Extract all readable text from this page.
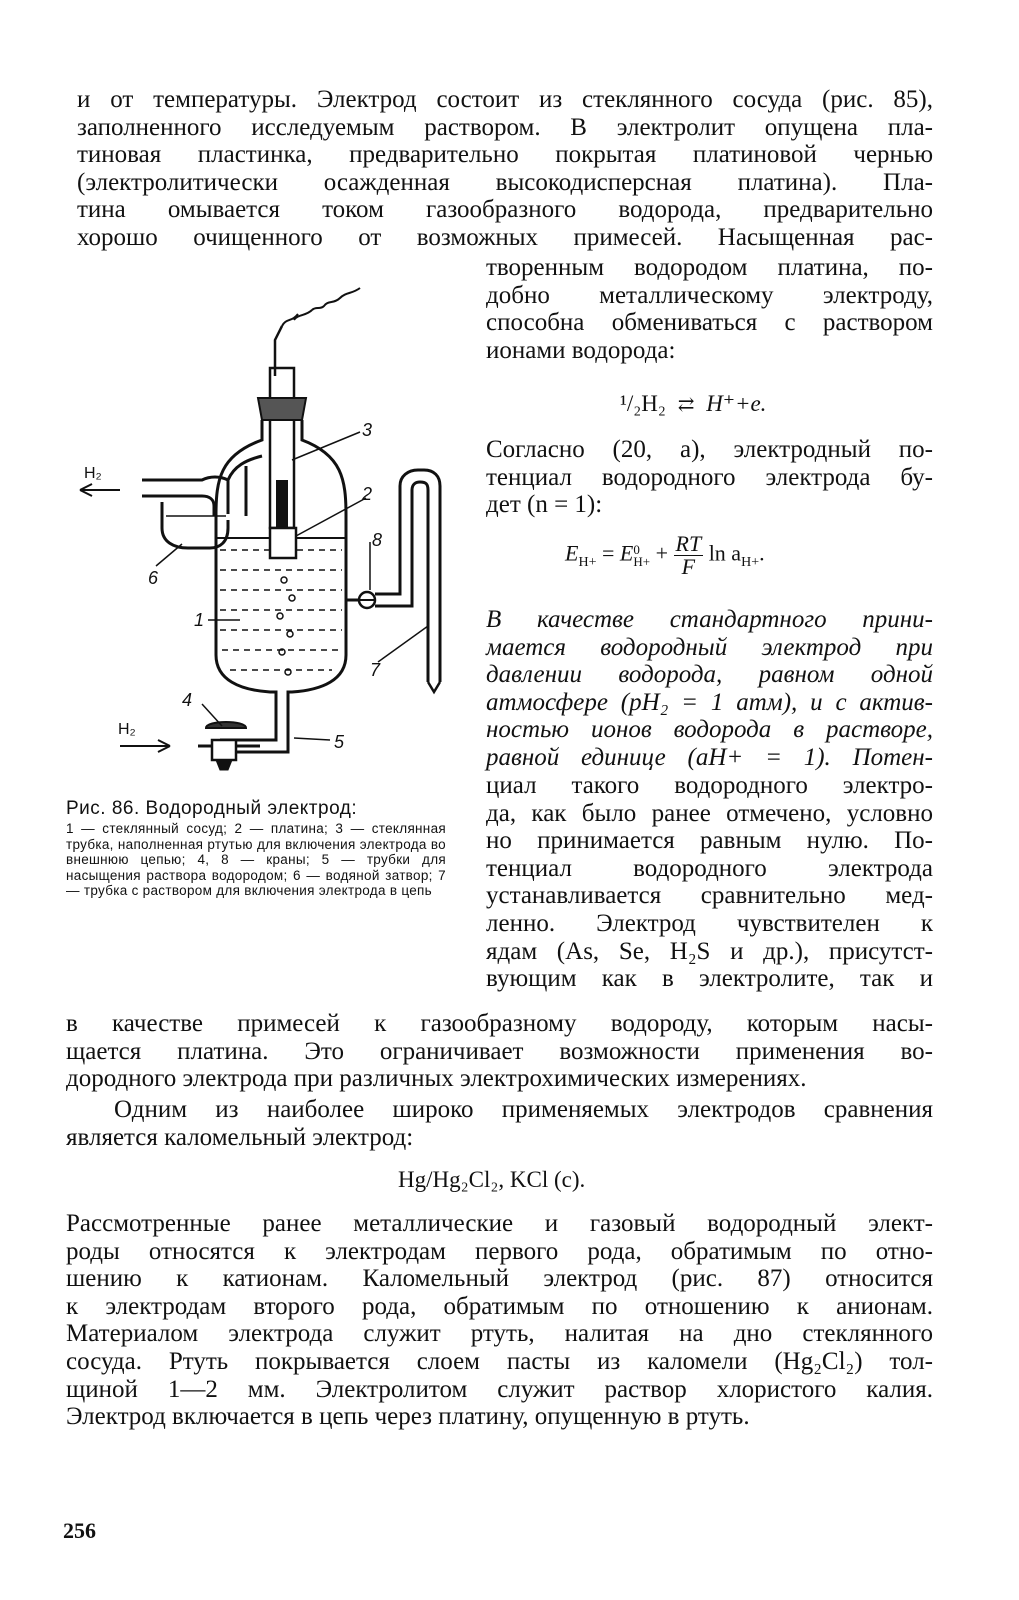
и от температуры. Электрод состоит из стеклянного сосуда (рис. 85),
заполненного исследуемым раствором. В электролит опущена пла-
тиновая пластинка, предварительно покрытая платиновой чернью
(электролитически осажденная высокодисперсная платина). Пла-
тина омывается током газообразного водорода, предварительно
хорошо очищенного от возможных примесей. Насыщенная рас-
творенным водородом платина, по-
добно металлическому электроду,
способна обмениваться с раствором
ионами водорода:
¹/₂H₂ ⇄ H⁺+e.
Согласно (20, а), электродный по-
тенциал водородного электрода бу-
дет (n = 1):
$E_{H+} = E$ 0
$H+ + \frac{RT}{F}$ $\ln a_{H+}$.
В качестве стандартного прини-
мается водородный электрод при
давлении водорода, равном одной
атмосфере (pH₂ = 1 атм), и с актив-
ностью ионов водорода в растворе,
равной единице (aH+ = 1). Потен-
циал такого водородного электро-
да, как было ранее отмечено, условно
но принимается равным нулю. По-
тенциал водородного электрода
устанавливается сравнительно мед-
ленно. Электрод чувствителен к
ядам (As, Se, H₂S и др.), присутст-
вующим как в электролите, так и
в качестве примесей к газообразному водороду, которым насы-
щается платина. Это ограничивает возможности применения во-
дородного электрода при различных электрохимических измерениях.
Одним из наиболее широко применяемых электродов сравнения
является каломельный электрод:
Hg/Hg₂Cl₂, KCl (c).
Рассмотренные ранее металлические и газовый водородный элект-
роды относятся к электродам первого рода, обратимым по отно-
шению к катионам. Каломельный электрод (рис. 87) относится
к электродам второго рода, обратимым по отношению к анионам.
Материалом электрода служит ртуть, налитая на дно стеклянного
сосуда. Ртуть покрывается слоем пасты из каломели (Hg₂Cl₂) тол-
щиной 1—2 мм. Электролитом служит раствор хлористого калия.
Электрод включается в цепь через платину, опущенную в ртуть.
H₂
H₂
3
2
8
1
7
5
4
6
Рис. 86. Водородный электрод:
1 — стеклянный сосуд; 2 — платина; 3 — стеклянная трубка, наполненная ртутью для включения электрода во внешнюю цепью; 4, 8 — краны; 5 — трубки для насыщения раствора водородом; 6 — водяной затвор; 7 — трубка с раствором для включения электрода в цепь
256
